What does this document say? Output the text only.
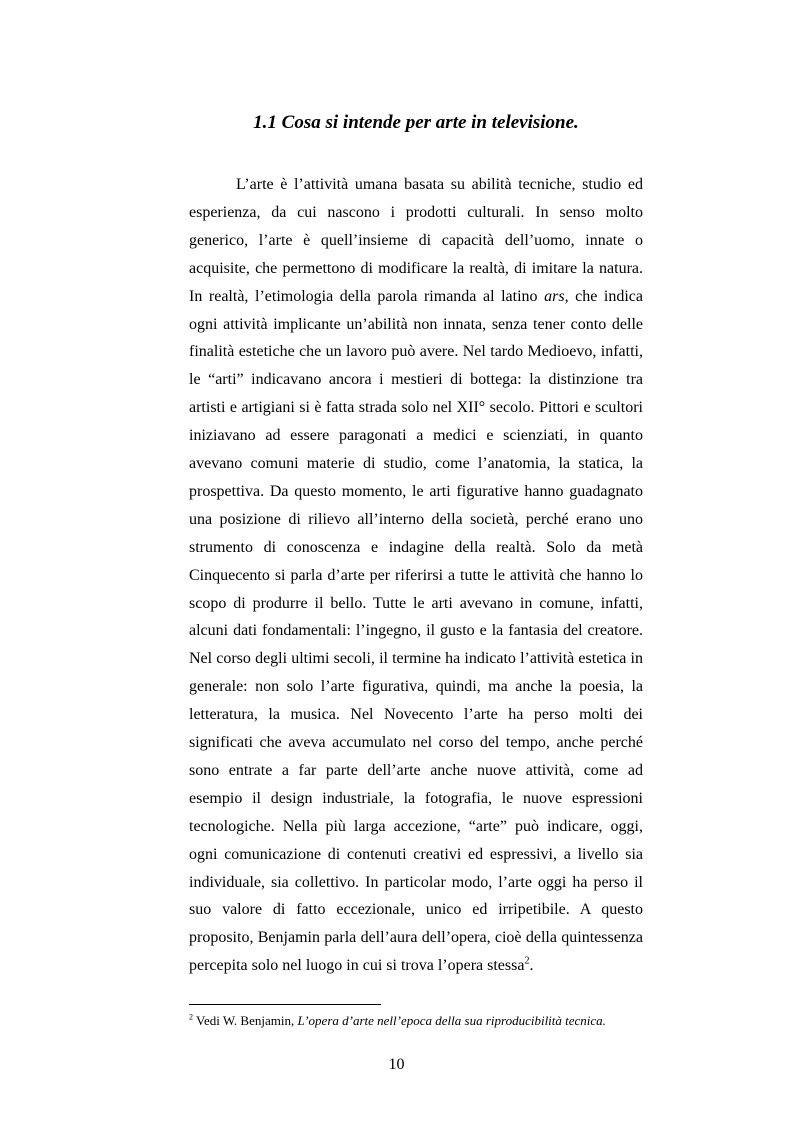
1.1 Cosa si intende per arte in televisione.
L’arte è l’attività umana basata su abilità tecniche, studio ed
esperienza, da cui nascono i prodotti culturali. In senso molto
generico, l’arte è quell’insieme di capacità dell’uomo, innate o
acquisite, che permettono di modificare la realtà, di imitare la natura.
In realtà, l’etimologia della parola rimanda al latino ars, che indica
ogni attività implicante un’abilità non innata, senza tener conto delle
finalità estetiche che un lavoro può avere. Nel tardo Medioevo, infatti,
le “arti” indicavano ancora i mestieri di bottega: la distinzione tra
artisti e artigiani si è fatta strada solo nel XII° secolo. Pittori e scultori
iniziavano ad essere paragonati a medici e scienziati, in quanto
avevano comuni materie di studio, come l’anatomia, la statica, la
prospettiva. Da questo momento, le arti figurative hanno guadagnato
una posizione di rilievo all’interno della società, perché erano uno
strumento di conoscenza e indagine della realtà. Solo da metà
Cinquecento si parla d’arte per riferirsi a tutte le attività che hanno lo
scopo di produrre il bello. Tutte le arti avevano in comune, infatti,
alcuni dati fondamentali: l’ingegno, il gusto e la fantasia del creatore.
Nel corso degli ultimi secoli, il termine ha indicato l’attività estetica in
generale: non solo l’arte figurativa, quindi, ma anche la poesia, la
letteratura, la musica. Nel Novecento l’arte ha perso molti dei
significati che aveva accumulato nel corso del tempo, anche perché
sono entrate a far parte dell’arte anche nuove attività, come ad
esempio il design industriale, la fotografia, le nuove espressioni
tecnologiche. Nella più larga accezione, “arte” può indicare, oggi,
ogni comunicazione di contenuti creativi ed espressivi, a livello sia
individuale, sia collettivo. In particolar modo, l’arte oggi ha perso il
suo valore di fatto eccezionale, unico ed irripetibile. A questo
proposito, Benjamin parla dell’aura dell’opera, cioè della quintessenza
percepita solo nel luogo in cui si trova l’opera stessa$^2$.
$^2$ Vedi W. Benjamin, L’opera d’arte nell’epoca della sua riproducibilità tecnica.
10
